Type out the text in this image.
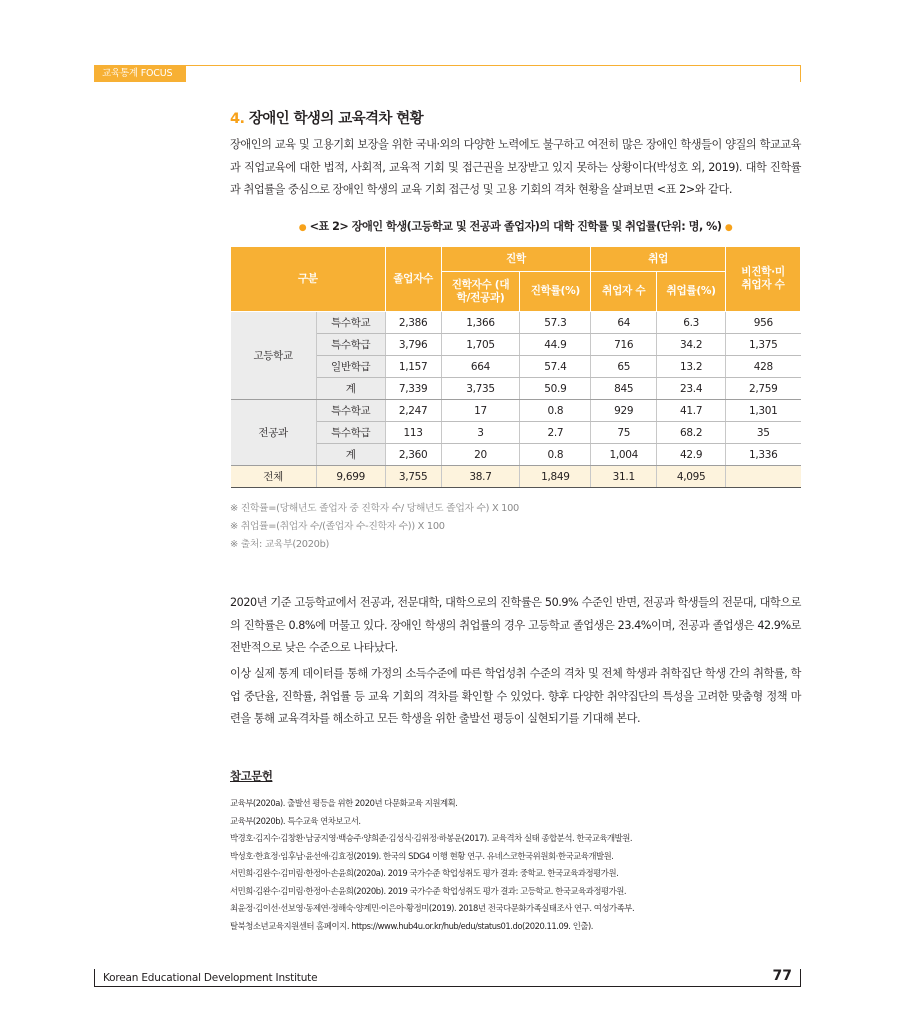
교육통계 FOCUS
4. 장애인 학생의 교육격차 현황

장애인의 교육 및 고용기회 보장을 위한 국내·외의 다양한 노력에도 불구하고 여전히 많은 장애인 학생들이 양질의 학교교육과 직업교육에 대한 법적, 사회적, 교육적 기회 및 접근권을 보장받고 있지 못하는 상황이다(박성호 외, 2019). 대학 진학률과 취업률을 중심으로 장애인 학생의 교육 기회 접근성 및 고용 기회의 격차 현황을 살펴보면 <표 2>와 같다.

● <표 2> 장애인 학생(고등학교 및 전공과 졸업자)의 대학 진학률 및 취업률(단위: 명, %) ●
구분		졸업자수	진학		취업		비진학·미취업자 수
			진학자수 (대학/전공과)	진학률(%)	취업자 수	취업률(%)	
고등학교	특수학교	2,386	1,366	57.3	64	6.3	956
	특수학급	3,796	1,705	44.9	716	34.2	1,375
	일반학급	1,157	664	57.4	65	13.2	428
	계	7,339	3,735	50.9	845	23.4	2,759
전공과	특수학교	2,247	17	0.8	929	41.7	1,301
	특수학급	113	3	2.7	75	68.2	35
	계	2,360	20	0.8	1,004	42.9	1,336
전체	9,699	3,755	38.7	1,849	31.1	4,095	
※ 진학률=(당해년도 졸업자 중 진학자 수/ 당해년도 졸업자 수) X 100
※ 취업률=(취업자 수/(졸업자 수-진학자 수)) X 100
※ 출처: 교육부(2020b)

2020년 기준 고등학교에서 전공과, 전문대학, 대학으로의 진학률은 50.9% 수준인 반면, 전공과 학생들의 전문대, 대학으로의 진학률은 0.8%에 머물고 있다. 장애인 학생의 취업률의 경우 고등학교 졸업생은 23.4%이며, 전공과 졸업생은 42.9%로 전반적으로 낮은 수준으로 나타났다.

이상 실제 통계 데이터를 통해 가정의 소득수준에 따른 학업성취 수준의 격차 및 전체 학생과 취학집단 학생 간의 취학률, 학업 중단율, 진학률, 취업률 등 교육 기회의 격차를 확인할 수 있었다. 향후 다양한 취약집단의 특성을 고려한 맞춤형 정책 마련을 통해 교육격차를 해소하고 모든 학생을 위한 출발선 평등이 실현되기를 기대해 본다.

참고문헌
교육부(2020a). 출발선 평등을 위한 2020년 다문화교육 지원계획.
교육부(2020b). 특수교육 연차보고서.
박경호·김지수·김창환·남궁지영·백승주·양희준·김성식·김위정·하봉운(2017). 교육격차 실태 종합분석. 한국교육개발원.
박성호·한효정·임후남·윤선애·김효정(2019). 한국의 SDG4 이행 현황 연구. 유네스코한국위원회·한국교육개발원.
서민희·김완수·김미림·한정아·손윤희(2020a). 2019 국가수준 학업성취도 평가 결과: 중학교. 한국교육과정평가원.
서민희·김완수·김미림·한정아·손윤희(2020b). 2019 국가수준 학업성취도 평가 결과: 고등학교. 한국교육과정평가원.
최윤정·김이선·선보영·동제연·정해숙·양계민·이은아·황정미(2019). 2018년 전국다문화가족실태조사 연구. 여성가족부.
탈북청소년교육지원센터 홈페이지. https://www.hub4u.or.kr/hub/edu/status01.do(2020.11.09. 인출).
Korean Educational Development Institute	77
